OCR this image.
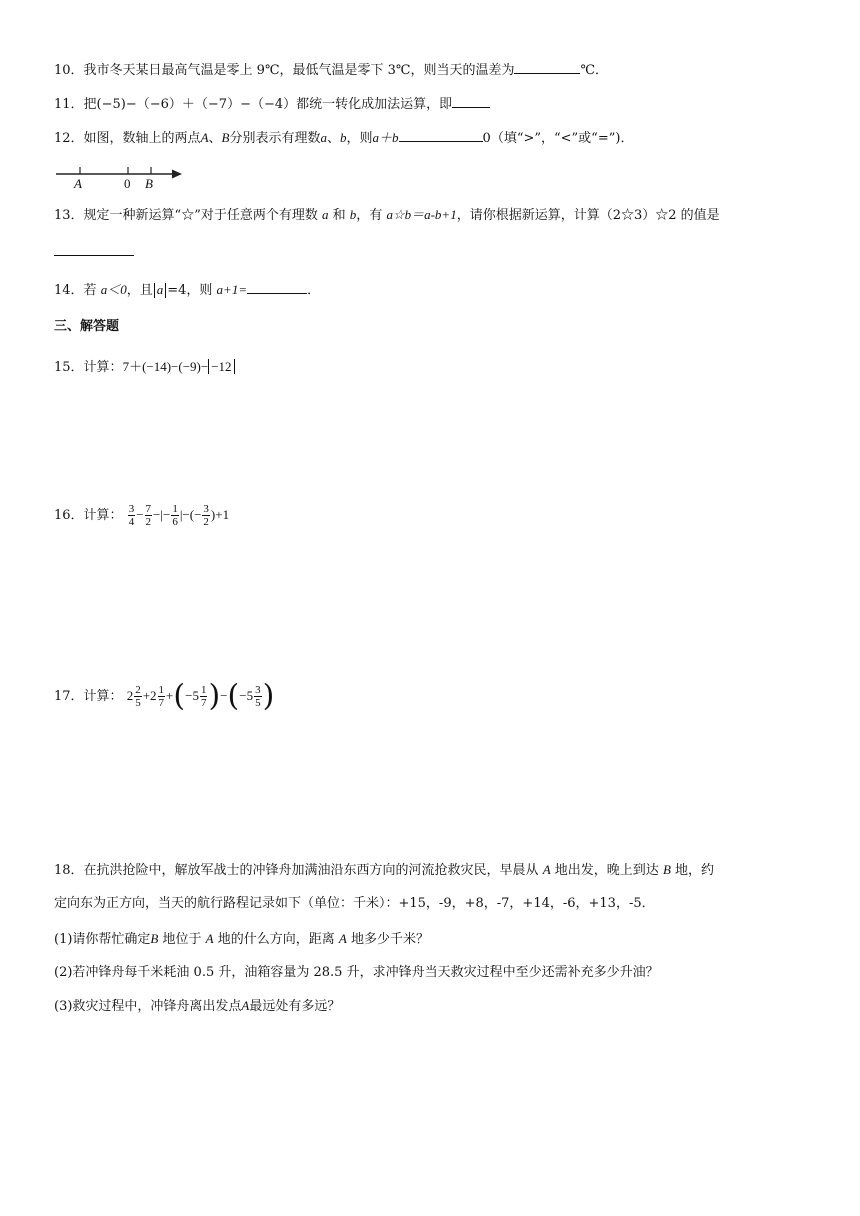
10．我市冬天某日最高气温是零上 9℃，最低气温是零下 3℃，则当天的温差为	℃．
11．把(−5)−（−6）＋（−7）−（−4）都统一转化成加法运算，即
12．如图，数轴上的两点A、B分别表示有理数a、b，则a＋b	0（填“>”，“<”或“=”)．
A	0 B
13．规定一种新运算“☆”对于任意两个有理数 a 和 b，有 a☆b＝a-b+1，请你根据新运算，计算（2☆3）☆2 的值是
14．若 a＜0，且 a =4，则 a+1=	．
三、解答题
15．计算：7＋(−14)−(−9)− −12
16．计算： $\frac{3}{4} - \frac{7}{2}$ −|− $\frac{1}{6}$ |−(− $\frac{3}{2} )+1$
17．计算： $2 \frac{2}{5} +2 \frac{1}{7} +(-5 \frac{1}{7} )-(-5 \frac{3}{5}$ )
18．在抗洪抢险中，解放军战士的冲锋舟加满油沿东西方向的河流抢救灾民，早晨从 A 地出发，晚上到达 B 地，约
定向东为正方向，当天的航行路程记录如下（单位：千米）：+15，-9，+8，-7，+14，-6，+13，-5．
(1)请你帮忙确定B 地位于 A 地的什么方向，距离 A 地多少千米？
(2)若冲锋舟每千米耗油 0.5 升，油箱容量为 28.5 升，求冲锋舟当天救灾过程中至少还需补充多少升油？
(3)救灾过程中，冲锋舟离出发点A最远处有多远？
